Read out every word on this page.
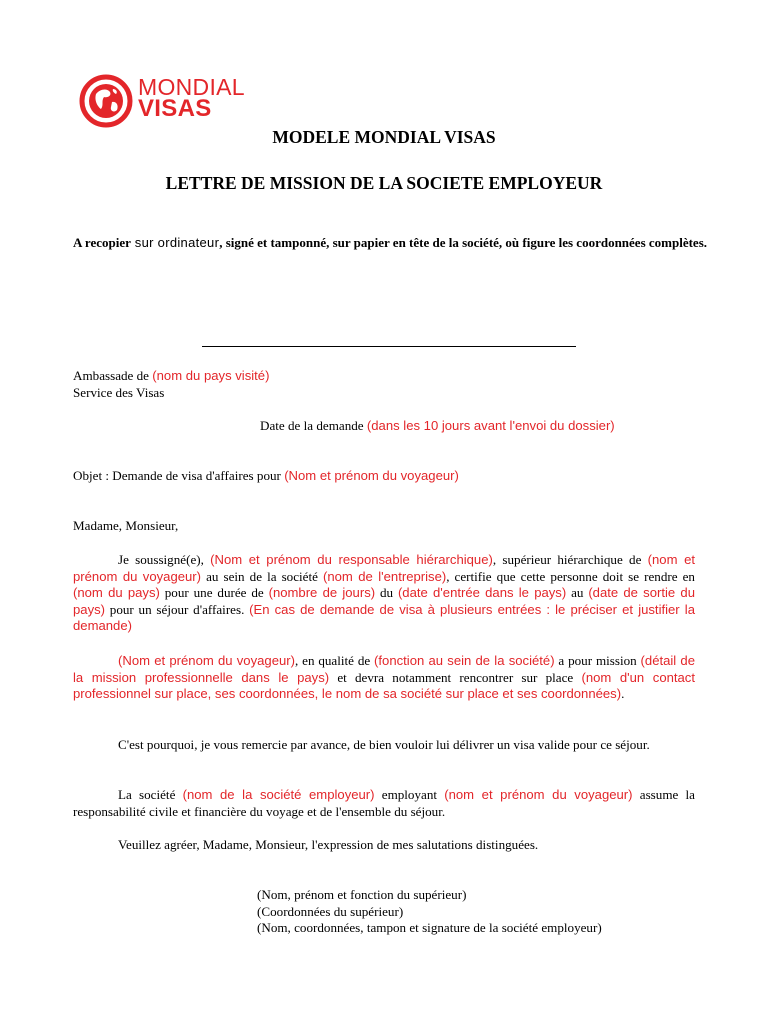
MONDIAL
VISAS
MODELE MONDIAL VISAS
LETTRE DE MISSION DE LA SOCIETE EMPLOYEUR
A recopier sur ordinateur, signé et tamponné, sur papier en tête de la société, où figure les coordonnées complètes.
Ambassade de (nom du pays visité)
Service des Visas
Date de la demande (dans les 10 jours avant l'envoi du dossier)
Objet : Demande de visa d'affaires pour (Nom et prénom du voyageur)
Madame, Monsieur,
Je soussigné(e), (Nom et prénom du responsable hiérarchique), supérieur hiérarchique de (nom et prénom du voyageur) au sein de la société (nom de l'entreprise), certifie que cette personne doit se rendre en (nom du pays) pour une durée de (nombre de jours) du (date d'entrée dans le pays) au (date de sortie du pays) pour un séjour d'affaires. (En cas de demande de visa à plusieurs entrées : le préciser et justifier la demande)
(Nom et prénom du voyageur), en qualité de (fonction au sein de la société) a pour mission (détail de la mission professionnelle dans le pays) et devra notamment rencontrer sur place (nom d'un contact professionnel sur place, ses coordonnées, le nom de sa société sur place et ses coordonnées).
C'est pourquoi, je vous remercie par avance, de bien vouloir lui délivrer un visa valide pour ce séjour.
La société (nom de la société employeur) employant (nom et prénom du voyageur) assume la responsabilité civile et financière du voyage et de l'ensemble du séjour.
Veuillez agréer, Madame, Monsieur, l'expression de mes salutations distinguées.
(Nom, prénom et fonction du supérieur)
(Coordonnées du supérieur)
(Nom, coordonnées, tampon et signature de la société employeur)
